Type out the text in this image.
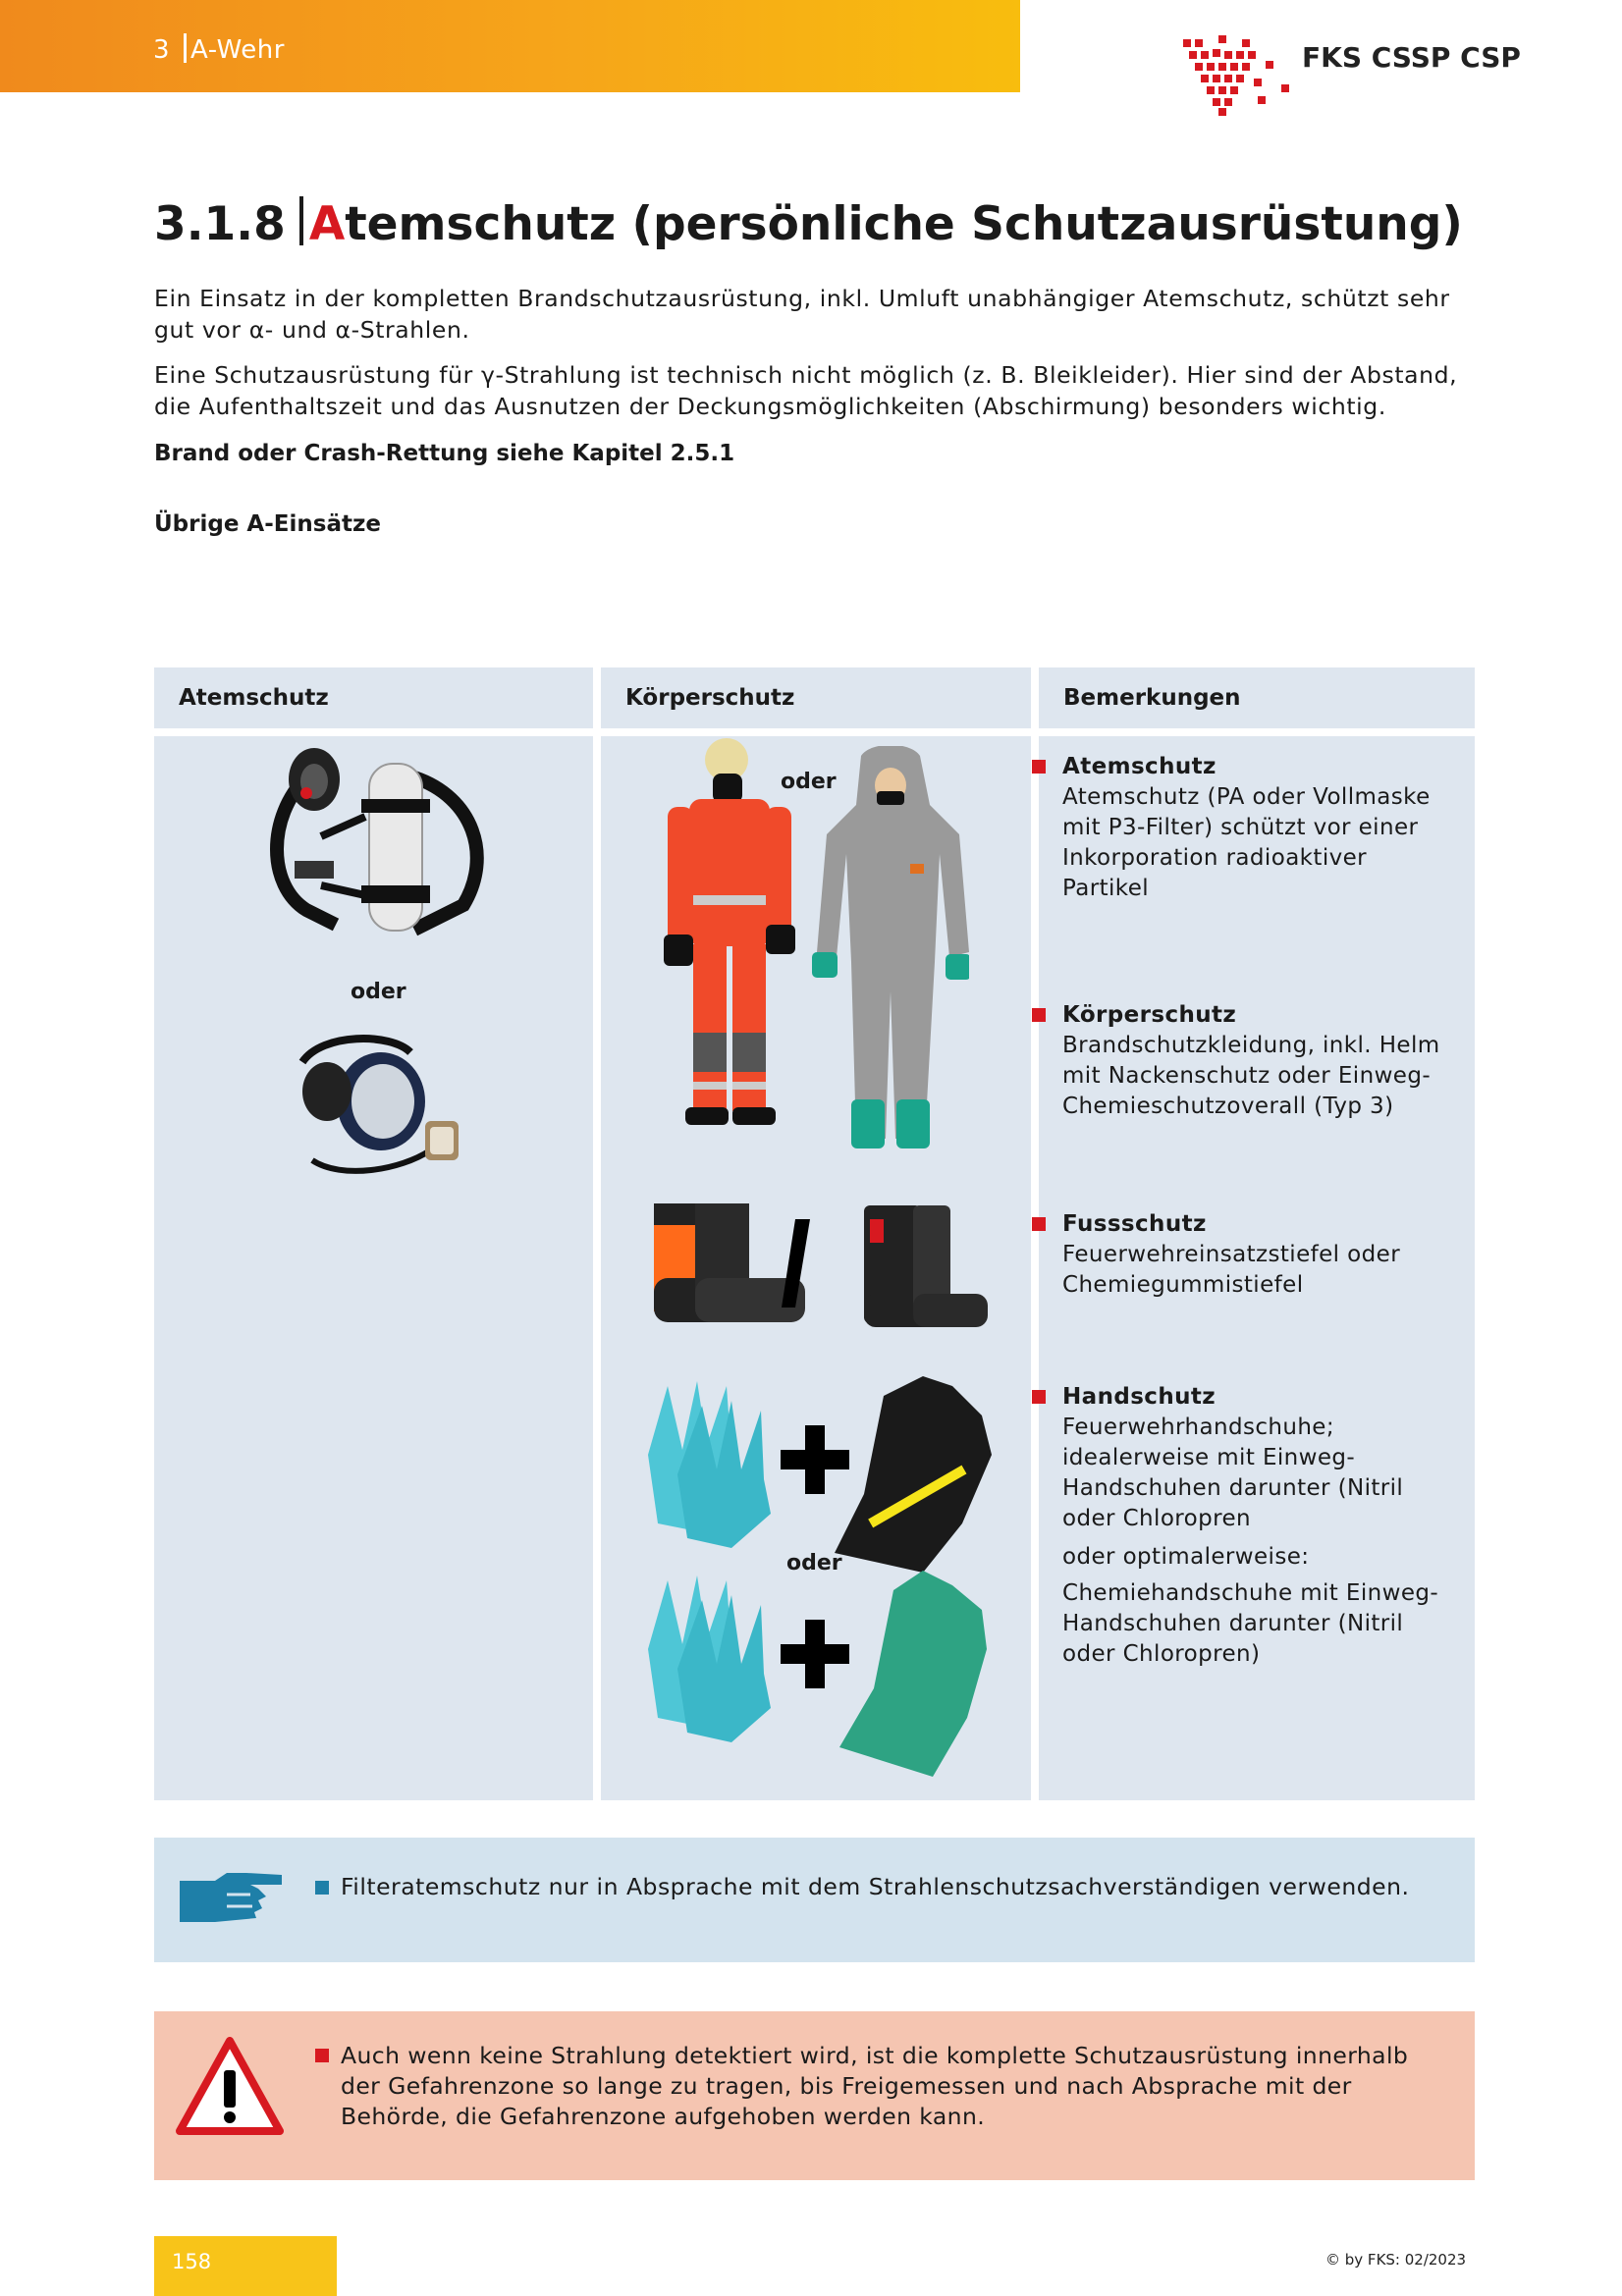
3 A-Wehr	FKS CSSP CSP
3.1.8 Atemschutz (persönliche Schutzausrüstung)
Ein Einsatz in der kompletten Brandschutzausrüstung, inkl. Umluft unabhängiger Atemschutz, schützt sehr gut vor α- und α-Strahlen.
Eine Schutzausrüstung für γ-Strahlung ist technisch nicht möglich (z. B. Bleikleider). Hier sind der Abstand, die Aufenthaltszeit und das Ausnutzen der Deckungsmöglichkeiten (Abschirmung) besonders wichtig.
Brand oder Crash-Rettung siehe Kapitel 2.5.1
Übrige A-Einsätze
Atemschutz	Körperschutz	Bemerkungen
oder
oder
oder
Atemschutz
Atemschutz (PA oder Vollmaske mit P3-Filter) schützt vor einer Inkorporation radioaktiver Partikel
Körperschutz
Brandschutzkleidung, inkl. Helm mit Nackenschutz oder Einweg-Chemieschutzoverall (Typ 3)
Fussschutz
Feuerwehreinsatzstiefel oder Chemiegummistiefel
Handschutz
Feuerwehrhandschuhe; idealerweise mit Einweg-Handschuhen darunter (Nitril oder Chloropren
oder optimalerweise:
Chemiehandschuhe mit Einweg-Handschuhen darunter (Nitril oder Chloropren)
Filteratemschutz nur in Absprache mit dem Strahlenschutzsachverständigen verwenden.
Auch wenn keine Strahlung detektiert wird, ist die komplette Schutzausrüstung innerhalb der Gefahrenzone so lange zu tragen, bis Freigemessen und nach Absprache mit der Behörde, die Gefahrenzone aufgehoben werden kann.
158	© by FKS: 02/2023
